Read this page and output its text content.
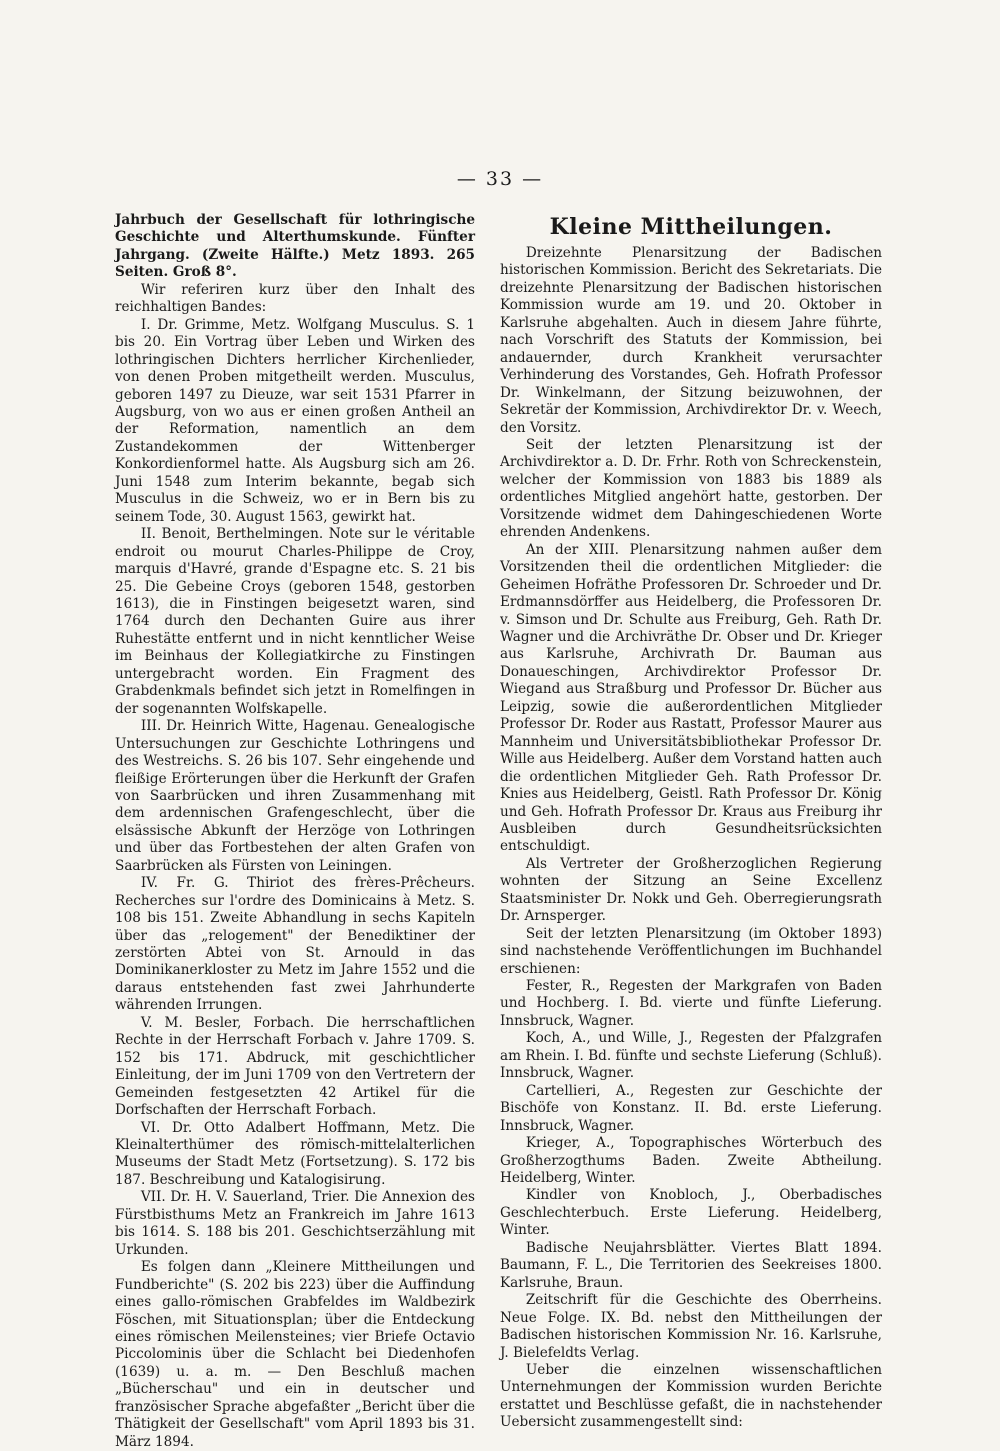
— 33 —

Jahrbuch der Gesellschaft für lothringische Geschichte und Alterthumskunde. Fünfter Jahrgang. (Zweite Hälfte.) Metz 1893. 265 Seiten. Groß 8°.

Wir referiren kurz über den Inhalt des reichhaltigen Bandes:

I. Dr. Grimme, Metz. Wolfgang Musculus. S. 1 bis 20. Ein Vortrag über Leben und Wirken des lothringischen Dichters herrlicher Kirchenlieder, von denen Proben mitgetheilt werden. Musculus, geboren 1497 zu Dieuze, war seit 1531 Pfarrer in Augsburg, von wo aus er einen großen Antheil an der Reformation, namentlich an dem Zustandekommen der Wittenberger Konkordienformel hatte. Als Augsburg sich am 26. Juni 1548 zum Interim bekannte, begab sich Musculus in die Schweiz, wo er in Bern bis zu seinem Tode, 30. August 1563, gewirkt hat.

II. Benoit, Berthelmingen. Note sur le véritable endroit ou mourut Charles-Philippe de Croy, marquis d'Havré, grande d'Espagne etc. S. 21 bis 25. Die Gebeine Croys (geboren 1548, gestorben 1613), die in Finstingen beigesetzt waren, sind 1764 durch den Dechanten Guire aus ihrer Ruhestätte entfernt und in nicht kenntlicher Weise im Beinhaus der Kollegiatkirche zu Finstingen untergebracht worden. Ein Fragment des Grabdenkmals befindet sich jetzt in Romelfingen in der sogenannten Wolfskapelle.

III. Dr. Heinrich Witte, Hagenau. Genealogische Untersuchungen zur Geschichte Lothringens und des Westreichs. S. 26 bis 107. Sehr eingehende und fleißige Erörterungen über die Herkunft der Grafen von Saarbrücken und ihren Zusammenhang mit dem ardennischen Grafengeschlecht, über die elsässische Abkunft der Herzöge von Lothringen und über das Fortbestehen der alten Grafen von Saarbrücken als Fürsten von Leiningen.

IV. Fr. G. Thiriot des frères-Prêcheurs. Recherches sur l'ordre des Dominicains à Metz. S. 108 bis 151. Zweite Abhandlung in sechs Kapiteln über das „relogement" der Benediktiner der zerstörten Abtei von St. Arnould in das Dominikanerkloster zu Metz im Jahre 1552 und die daraus entstehenden fast zwei Jahrhunderte währenden Irrungen.

V. M. Besler, Forbach. Die herrschaftlichen Rechte in der Herrschaft Forbach v. Jahre 1709. S. 152 bis 171. Abdruck, mit geschichtlicher Einleitung, der im Juni 1709 von den Vertretern der Gemeinden festgesetzten 42 Artikel für die Dorfschaften der Herrschaft Forbach.

VI. Dr. Otto Adalbert Hoffmann, Metz. Die Kleinalterthümer des römisch-mittelalterlichen Museums der Stadt Metz (Fortsetzung). S. 172 bis 187. Beschreibung und Katalogisirung.

VII. Dr. H. V. Sauerland, Trier. Die Annexion des Fürstbisthums Metz an Frankreich im Jahre 1613 bis 1614. S. 188 bis 201. Geschichtserzählung mit Urkunden.

Es folgen dann „Kleinere Mittheilungen und Fundberichte" (S. 202 bis 223) über die Auffindung eines gallo-römischen Grabfeldes im Waldbezirk Föschen, mit Situationsplan; über die Entdeckung eines römischen Meilensteines; vier Briefe Octavio Piccolominis über die Schlacht bei Diedenhofen (1639) u. a. m. — Den Beschluß machen „Bücherschau" und ein in deutscher und französischer Sprache abgefaßter „Bericht über die Thätigkeit der Gesellschaft" vom April 1893 bis 31. März 1894.

Kleine Mittheilungen.

Dreizehnte Plenarsitzung der Badischen historischen Kommission. Bericht des Sekretariats. Die dreizehnte Plenarsitzung der Badischen historischen Kommission wurde am 19. und 20. Oktober in Karlsruhe abgehalten. Auch in diesem Jahre führte, nach Vorschrift des Statuts der Kommission, bei andauernder, durch Krankheit verursachter Verhinderung des Vorstandes, Geh. Hofrath Professor Dr. Winkelmann, der Sitzung beizuwohnen, der Sekretär der Kommission, Archivdirektor Dr. v. Weech, den Vorsitz.

Seit der letzten Plenarsitzung ist der Archivdirektor a. D. Dr. Frhr. Roth von Schreckenstein, welcher der Kommission von 1883 bis 1889 als ordentliches Mitglied angehört hatte, gestorben. Der Vorsitzende widmet dem Dahingeschiedenen Worte ehrenden Andenkens.

An der XIII. Plenarsitzung nahmen außer dem Vorsitzenden theil die ordentlichen Mitglieder: die Geheimen Hofräthe Professoren Dr. Schroeder und Dr. Erdmannsdörffer aus Heidelberg, die Professoren Dr. v. Simson und Dr. Schulte aus Freiburg, Geh. Rath Dr. Wagner und die Archivräthe Dr. Obser und Dr. Krieger aus Karlsruhe, Archivrath Dr. Bauman aus Donaueschingen, Archivdirektor Professor Dr. Wiegand aus Straßburg und Professor Dr. Bücher aus Leipzig, sowie die außerordentlichen Mitglieder Professor Dr. Roder aus Rastatt, Professor Maurer aus Mannheim und Universitätsbibliothekar Professor Dr. Wille aus Heidelberg. Außer dem Vorstand hatten auch die ordentlichen Mitglieder Geh. Rath Professor Dr. Knies aus Heidelberg, Geistl. Rath Professor Dr. König und Geh. Hofrath Professor Dr. Kraus aus Freiburg ihr Ausbleiben durch Gesundheitsrücksichten entschuldigt.

Als Vertreter der Großherzoglichen Regierung wohnten der Sitzung an Seine Excellenz Staatsminister Dr. Nokk und Geh. Oberregierungsrath Dr. Arnsperger.

Seit der letzten Plenarsitzung (im Oktober 1893) sind nachstehende Veröffentlichungen im Buchhandel erschienen:

Fester, R., Regesten der Markgrafen von Baden und Hochberg. I. Bd. vierte und fünfte Lieferung. Innsbruck, Wagner.

Koch, A., und Wille, J., Regesten der Pfalzgrafen am Rhein. I. Bd. fünfte und sechste Lieferung (Schluß). Innsbruck, Wagner.

Cartellieri, A., Regesten zur Geschichte der Bischöfe von Konstanz. II. Bd. erste Lieferung. Innsbruck, Wagner.

Krieger, A., Topographisches Wörterbuch des Großherzogthums Baden. Zweite Abtheilung. Heidelberg, Winter.

Kindler von Knobloch, J., Oberbadisches Geschlechterbuch. Erste Lieferung. Heidelberg, Winter.

Badische Neujahrsblätter. Viertes Blatt 1894. Baumann, F. L., Die Territorien des Seekreises 1800. Karlsruhe, Braun.

Zeitschrift für die Geschichte des Oberrheins. Neue Folge. IX. Bd. nebst den Mittheilungen der Badischen historischen Kommission Nr. 16. Karlsruhe, J. Bielefeldts Verlag.

Ueber die einzelnen wissenschaftlichen Unternehmungen der Kommission wurden Berichte erstattet und Beschlüsse gefaßt, die in nachstehender Uebersicht zusammengestellt sind:
